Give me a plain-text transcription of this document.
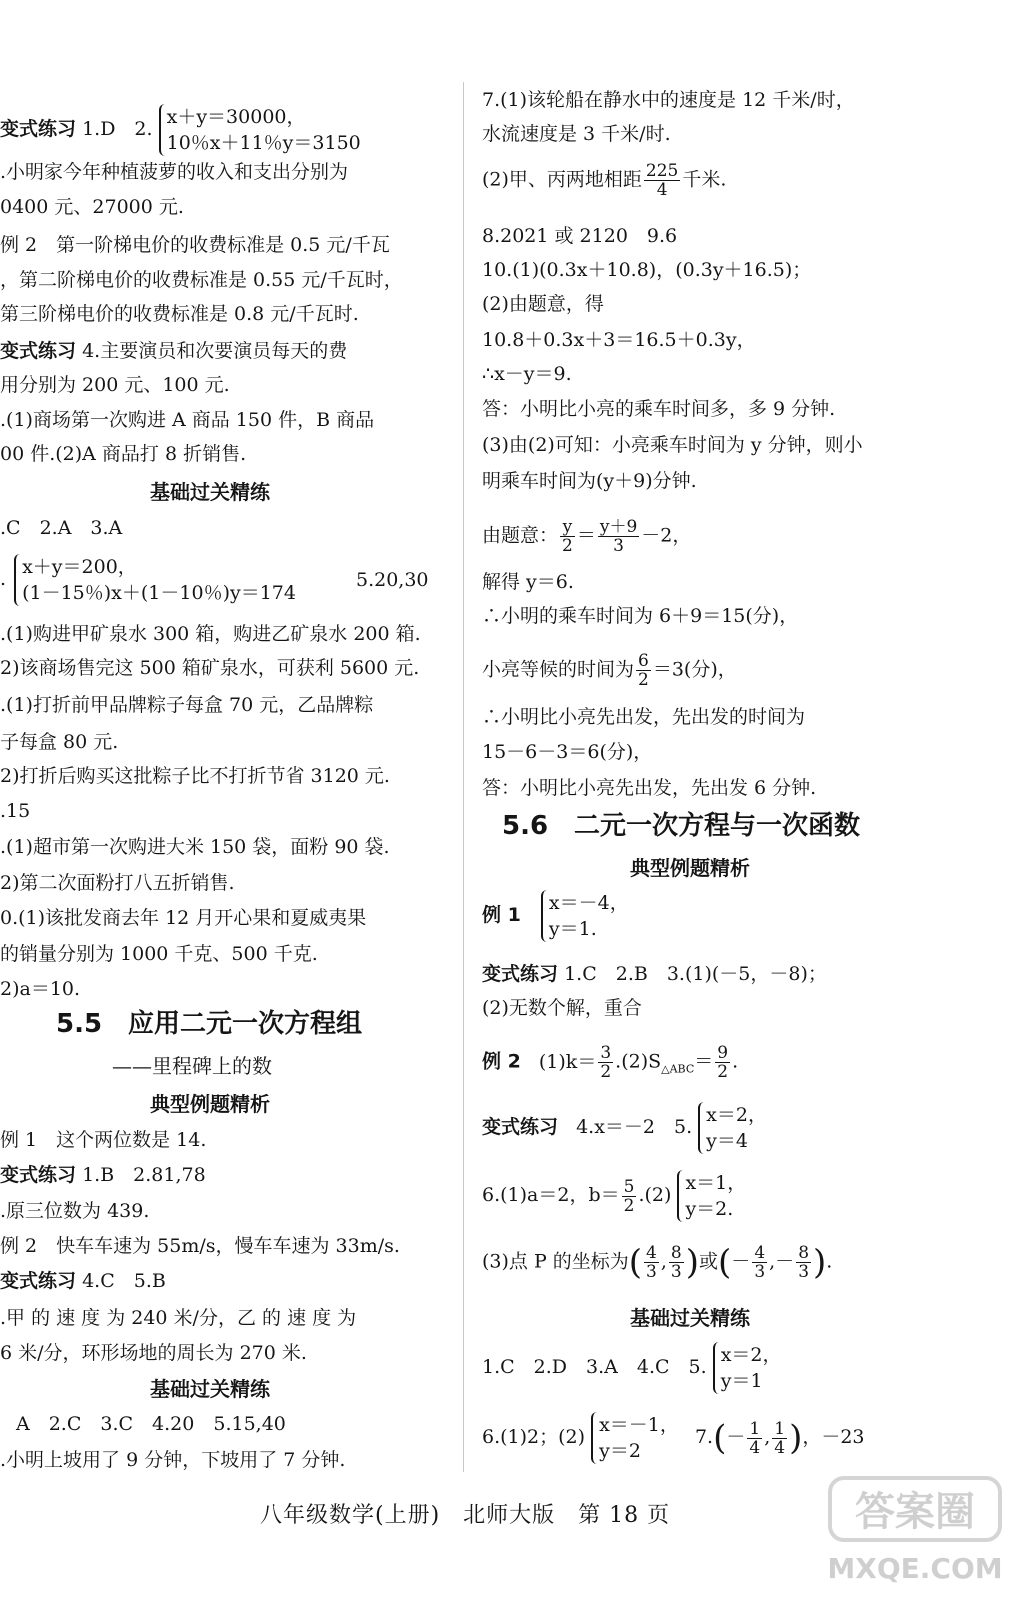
变式练习 1.D　2.
x＋y＝30000，
10％x＋11％y＝3150
.小明家今年种植菠萝的收入和支出分别为
0400 元、27000 元.
例 2　第一阶梯电价的收费标准是 0.5 元/千瓦
，第二阶梯电价的收费标准是 0.55 元/千瓦时，
第三阶梯电价的收费标准是 0.8 元/千瓦时.
变式练习 4.主要演员和次要演员每天的费
用分别为 200 元、100 元.
.(1)商场第一次购进 A 商品 150 件，B 商品
00 件.(2)A 商品打 8 折销售.
基础过关精练
.C　2.A　3.A
.
x＋y＝200，
(1－15％)x＋(1－10％)y＝174
5.20,30
.(1)购进甲矿泉水 300 箱，购进乙矿泉水 200 箱.
2)该商场售完这 500 箱矿泉水，可获利 5600 元.
.(1)打折前甲品牌粽子每盒 70 元，乙品牌粽
子每盒 80 元.
2)打折后购买这批粽子比不打折节省 3120 元.
.15
.(1)超市第一次购进大米 150 袋，面粉 90 袋.
2)第二次面粉打八五折销售.
0.(1)该批发商去年 12 月开心果和夏威夷果
的销量分别为 1000 千克、500 千克.
2)a＝10.
5.5　应用二元一次方程组
——里程碑上的数
典型例题精析
例 1　这个两位数是 14.
变式练习 1.B　2.81,78
.原三位数为 439.
例 2　快车车速为 55m/s，慢车车速为 33m/s.
变式练习 4.C　5.B
.甲 的 速 度 为 240 米/分，乙 的 速 度 为
6 米/分，环形场地的周长为 270 米.
基础过关精练
A　2.C　3.C　4.20　5.15,40
.小明上坡用了 9 分钟，下坡用了 7 分钟.
7.(1)该轮船在静水中的速度是 12 千米/时，
水流速度是 3 千米/时.
(2)甲、丙两地相距 $\frac{225}{4}$ 千米.
8.2021 或 2120　9.6
10.(1)(0.3x＋10.8)，(0.3y＋16.5)；
(2)由题意，得
10.8＋0.3x＋3＝16.5＋0.3y，
∴x－y＝9.
答：小明比小亮的乘车时间多，多 9 分钟.
(3)由(2)可知：小亮乘车时间为 y 分钟，则小
明乘车时间为(y＋9)分钟.
由题意： $\frac{y}{2} = \frac{y+9}{3} -2$，
解得 y＝6.
∴小明的乘车时间为 6＋9＝15(分)，
小亮等候的时间为 $\frac{6}{2} =3$(分)，
∴小明比小亮先出发，先出发的时间为
15－6－3＝6(分)，
答：小明比小亮先出发，先出发 6 分钟.
5.6　二元一次方程与一次函数
典型例题精析
例 1
x＝－4，
y＝1.
变式练习 1.C　2.B　3.(1)(－5，－8)；
(2)无数个解，重合
例 2 $(1)k= \frac{3}{2} .(2)S_{\triangle ABC}= \frac{9}{2}$ .
变式练习 4.x＝－2　5.
x＝2，
y＝4
6.(1)a＝2，$b= \frac{5}{2} .(2)$
x＝1，
y＝2.
(3)点 P 的坐标为( $\frac{4}{3}$ , $\frac{8}{3}$ )或(－ $\frac{4}{3}$ ,－ $\frac{8}{3}$ ).
基础过关精练
1.C　2.D　3.A　4.C　5.
x＝2，
y＝1
6.(1)2；(2)
x＝－1，
y＝2
$7.(- \frac{1}{4}$ , $\frac{1}{4}$ )，－23
八年级数学(上册)　北师大版　第 18 页	答案圈
MXQE.COM
